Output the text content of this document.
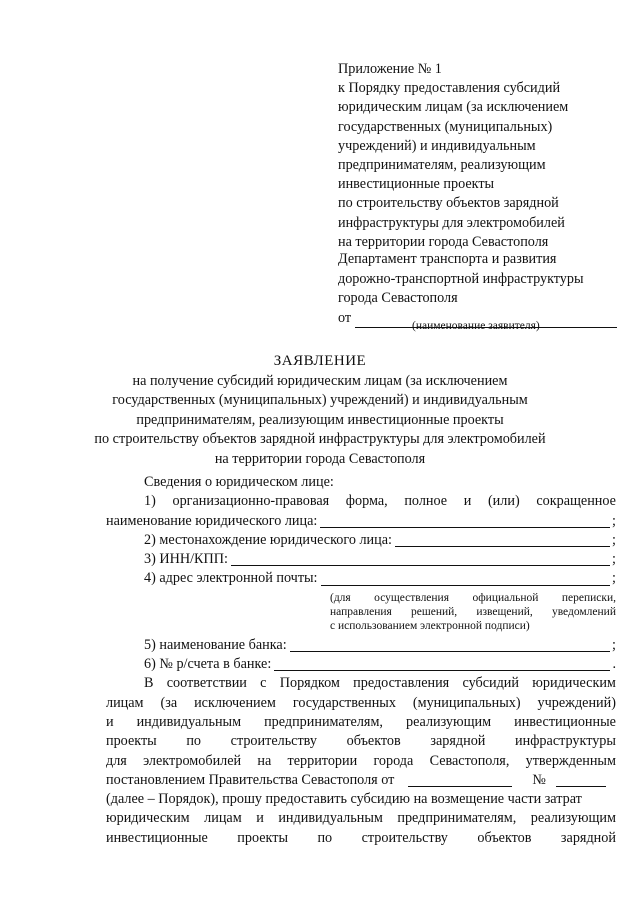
Приложение № 1
к Порядку предоставления субсидий
юридическим лицам (за исключением
государственных (муниципальных)
учреждений) и индивидуальным
предпринимателям, реализующим
инвестиционные проекты
по строительству объектов зарядной
инфраструктуры для электромобилей
на территории города Севастополя
Департамент транспорта и развития
дорожно-транспортной инфраструктуры
города Севастополя
от
(наименование заявителя)
ЗАЯВЛЕНИЕ
на получение субсидий юридическим лицам (за исключением
государственных (муниципальных) учреждений) и индивидуальным
предпринимателям, реализующим инвестиционные проекты
по строительству объектов зарядной инфраструктуры для электромобилей
на территории города Севастополя
Сведения о юридическом лице:
1) организационно-правовая форма, полное и (или) сокращенное
наименование юридического лица:	;
2) местонахождение юридического лица:	;
3) ИНН/КПП:	;
4) адрес электронной почты:	;
(для осуществления официальной переписки,
направления решений, извещений, уведомлений
с использованием электронной подписи)
5) наименование банка:	;
6) № р/счета в банке:	.
В соответствии с Порядком предоставления субсидий юридическим
лицам (за исключением государственных (муниципальных) учреждений)
и индивидуальным предпринимателям, реализующим инвестиционные
проекты по строительству объектов зарядной инфраструктуры
для электромобилей на территории города Севастополя, утвержденным
постановлением Правительства Севастополя от	№
(далее – Порядок), прошу предоставить субсидию на возмещение части затрат
юридическим лицам и индивидуальным предпринимателям, реализующим
инвестиционные проекты по строительству объектов зарядной
